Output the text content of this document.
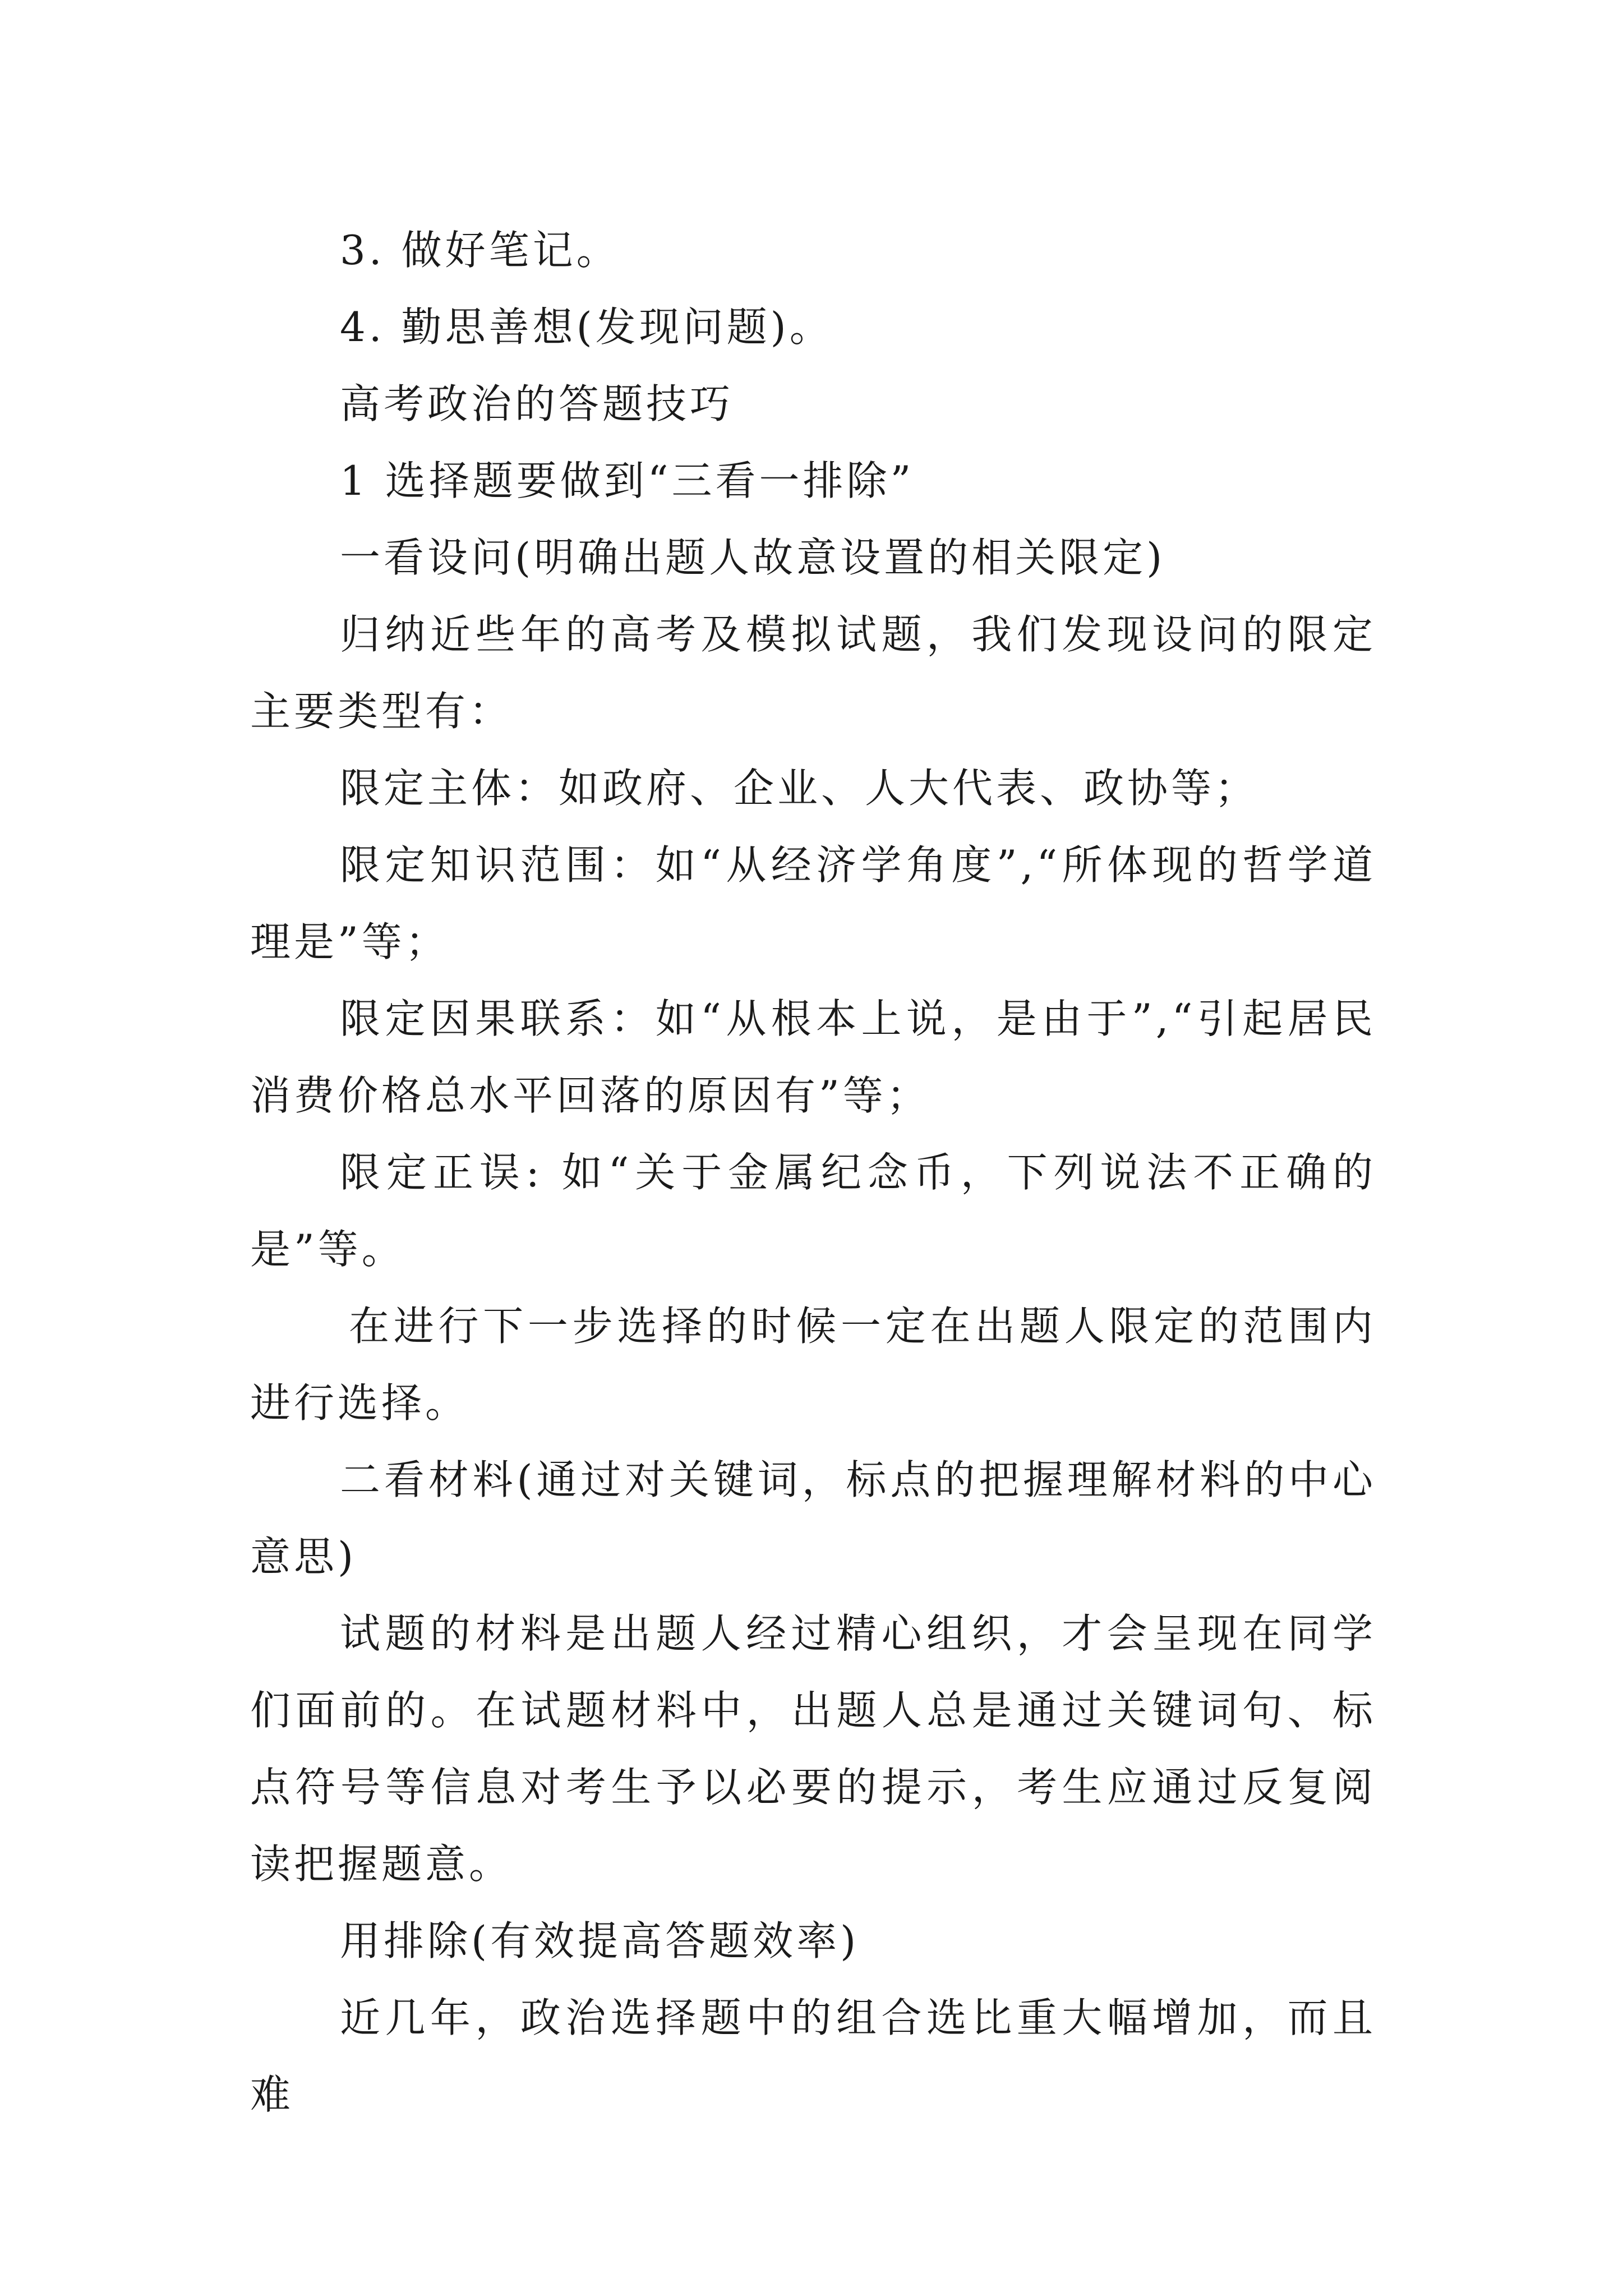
3. 做好笔记。

4. 勤思善想(发现问题)。

高考政治的答题技巧

1 选择题要做到“三看一排除”

一看设问(明确出题人故意设置的相关限定)

归纳近些年的高考及模拟试题，我们发现设问的限定主要类型有：

限定主体：如政府、企业、人大代表、政协等；

限定知识范围：如“从经济学角度”,“所体现的哲学道理是”等；

限定因果联系：如“从根本上说，是由于”,“引起居民消费价格总水平回落的原因有”等；

限定正误: 如“关于金属纪念币，下列说法不正确的是”等。

在进行下一步选择的时候一定在出题人限定的范围内进行选择。

二看材料(通过对关键词，标点的把握理解材料的中心意思)

试题的材料是出题人经过精心组织，才会呈现在同学们面前的。在试题材料中，出题人总是通过关键词句、标点符号等信息对考生予以必要的提示，考生应通过反复阅读把握题意。

用排除(有效提高答题效率)

近几年，政治选择题中的组合选比重大幅增加，而且难
